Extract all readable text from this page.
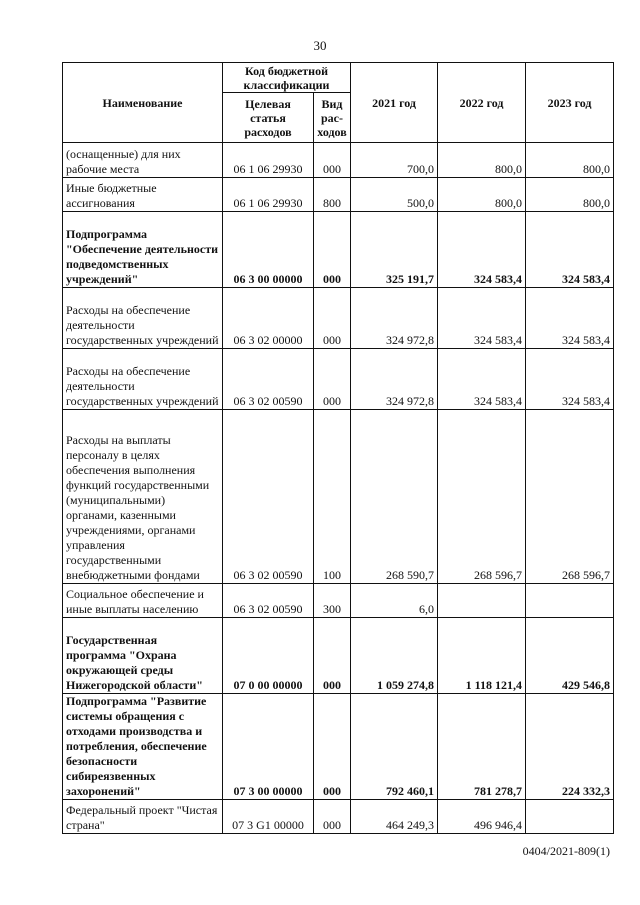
30
Наименование	Код бюджетной классификации		2021 год	2022 год	2023 год
	Целевая статья расходов	Вид рас-ходов			
(оснащенные) для них рабочие места	06 1 06 29930	000	700,0	800,0	800,0
Иные бюджетные ассигнования	06 1 06 29930	800	500,0	800,0	800,0
Подпрограмма "Обеспечение деятельности подведомственных учреждений"	06 3 00 00000	000	325 191,7	324 583,4	324 583,4
Расходы на обеспечение деятельности государственных учреждений	06 3 02 00000	000	324 972,8	324 583,4	324 583,4
Расходы на обеспечение деятельности государственных учреждений	06 3 02 00590	000	324 972,8	324 583,4	324 583,4
Расходы на выплаты персоналу в целях обеспечения выполнения функций государственными (муниципальными) органами, казенными учреждениями, органами управления государственными внебюджетными фондами	06 3 02 00590	100	268 590,7	268 596,7	268 596,7
Социальное обеспечение и иные выплаты населению	06 3 02 00590	300	6,0		
Государственная программа "Охрана окружающей среды Нижегородской области"	07 0 00 00000	000	1 059 274,8	1 118 121,4	429 546,8
Подпрограмма "Развитие системы обращения с отходами производства и потребления, обеспечение безопасности сибиреязвенных захоронений"	07 3 00 00000	000	792 460,1	781 278,7	224 332,3
Федеральный проект "Чистая страна"	07 3 G1 00000	000	464 249,3	496 946,4	
0404/2021-809(1)
